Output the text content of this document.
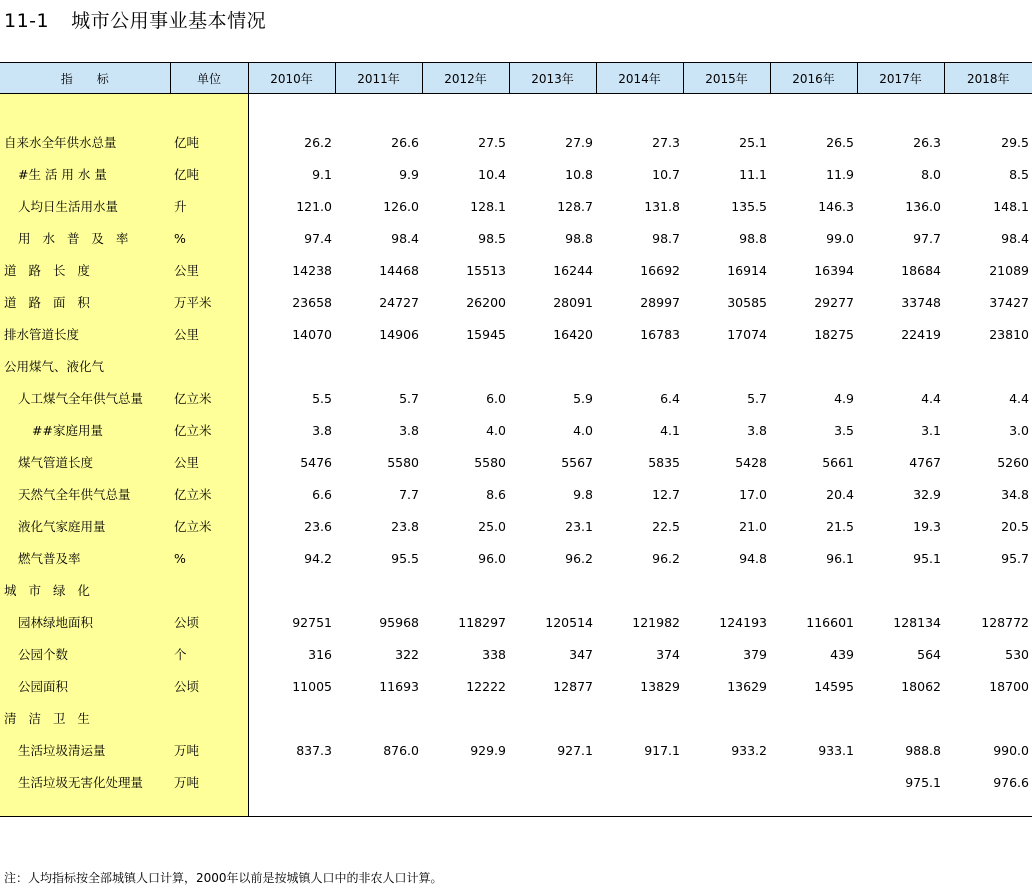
11-1 城市公用事业基本情况
指　　标	单位	2010年	2011年	2012年	2013年	2014年	2015年	2016年	2017年	2018年

自来水全年供水总量	亿吨	26.2	26.6	27.5	27.9	27.3	25.1	26.5	26.3	29.5
#生 活 用 水 量	亿吨	9.1	9.9	10.4	10.8	10.7	11.1	11.9	8.0	8.5
人均日生活用水量	升	121.0	126.0	128.1	128.7	131.8	135.5	146.3	136.0	148.1
用 水 普 及 率	%	97.4	98.4	98.5	98.8	98.7	98.8	99.0	97.7	98.4
道 路 长 度	公里	14238	14468	15513	16244	16692	16914	16394	18684	21089
道 路 面 积	万平米	23658	24727	26200	28091	28997	30585	29277	33748	37427
排水管道长度	公里	14070	14906	15945	16420	16783	17074	18275	22419	23810
公用煤气、液化气										
人工煤气全年供气总量	亿立米	5.5	5.7	6.0	5.9	6.4	5.7	4.9	4.4	4.4
##家庭用量	亿立米	3.8	3.8	4.0	4.0	4.1	3.8	3.5	3.1	3.0
煤气管道长度	公里	5476	5580	5580	5567	5835	5428	5661	4767	5260
天然气全年供气总量	亿立米	6.6	7.7	8.6	9.8	12.7	17.0	20.4	32.9	34.8
液化气家庭用量	亿立米	23.6	23.8	25.0	23.1	22.5	21.0	21.5	19.3	20.5
燃气普及率	%	94.2	95.5	96.0	96.2	96.2	94.8	96.1	95.1	95.7
城 市 绿 化										
园林绿地面积	公顷	92751	95968	118297	120514	121982	124193	116601	128134	128772
公园个数	个	316	322	338	347	374	379	439	564	530
公园面积	公顷	11005	11693	12222	12877	13829	13629	14595	18062	18700
清 洁 卫 生										
生活垃圾清运量	万吨	837.3	876.0	929.9	927.1	917.1	933.2	933.1	988.8	990.0
生活垃圾无害化处理量	万吨								975.1	976.6

注：人均指标按全部城镇人口计算，2000年以前是按城镇人口中的非农人口计算。
